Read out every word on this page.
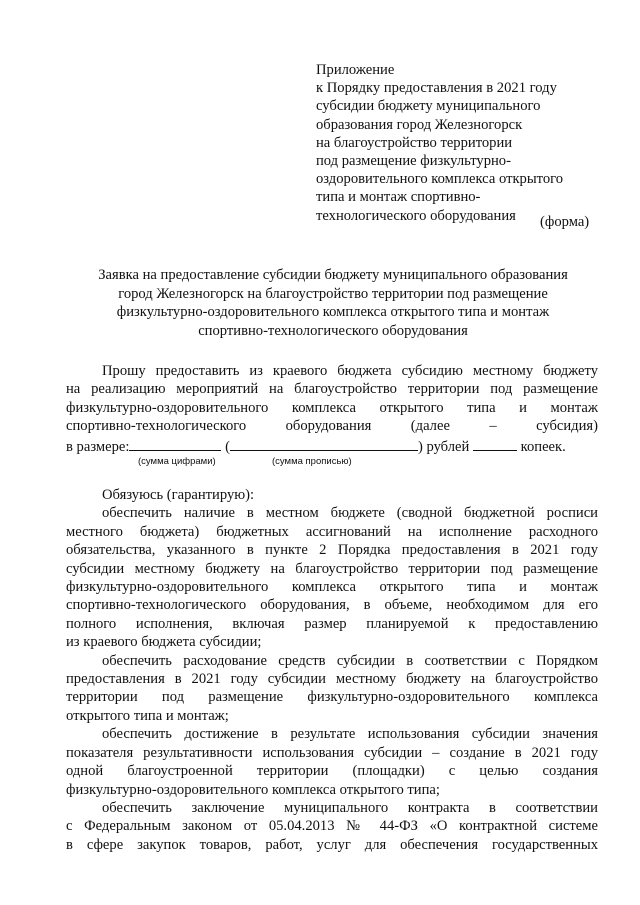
Приложение
к Порядку предоставления в 2021 году
субсидии бюджету муниципального
образования город Железногорск
на благоустройство территории
под размещение физкультурно-
оздоровительного комплекса открытого
типа и монтаж спортивно-
технологического оборудования	(форма)
Заявка на предоставление субсидии бюджету муниципального образования
город Железногорск на благоустройство территории под размещение
физкультурно-оздоровительного комплекса открытого типа и монтаж
спортивно-технологического оборудования
Прошу предоставить из краевого бюджета субсидию местному бюджету
на реализацию мероприятий на благоустройство территории под размещение
физкультурно-оздоровительного комплекса открытого типа и монтаж
спортивно-технологического оборудования (далее – субсидия)
в размере:	(	) рублей	копеек.
(сумма цифрами)	(сумма прописью)
Обязуюсь (гарантирую):
обеспечить наличие в местном бюджете (сводной бюджетной росписи
местного бюджета) бюджетных ассигнований на исполнение расходного
обязательства, указанного в пункте 2 Порядка предоставления в 2021 году
субсидии местному бюджету на благоустройство территории под размещение
физкультурно-оздоровительного комплекса открытого типа и монтаж
спортивно-технологического оборудования, в объеме, необходимом для его
полного исполнения, включая размер планируемой к предоставлению
из краевого бюджета субсидии;
обеспечить расходование средств субсидии в соответствии с Порядком
предоставления в 2021 году субсидии местному бюджету на благоустройство
территории под размещение физкультурно-оздоровительного комплекса
открытого типа и монтаж;
обеспечить достижение в результате использования субсидии значения
показателя результативности использования субсидии – создание в 2021 году
одной благоустроенной территории (площадки) с целью создания
физкультурно-оздоровительного комплекса открытого типа;
обеспечить заключение муниципального контракта в соответствии
с Федеральным законом от 05.04.2013 № 44-ФЗ «О контрактной системе
в сфере закупок товаров, работ, услуг для обеспечения государственных
